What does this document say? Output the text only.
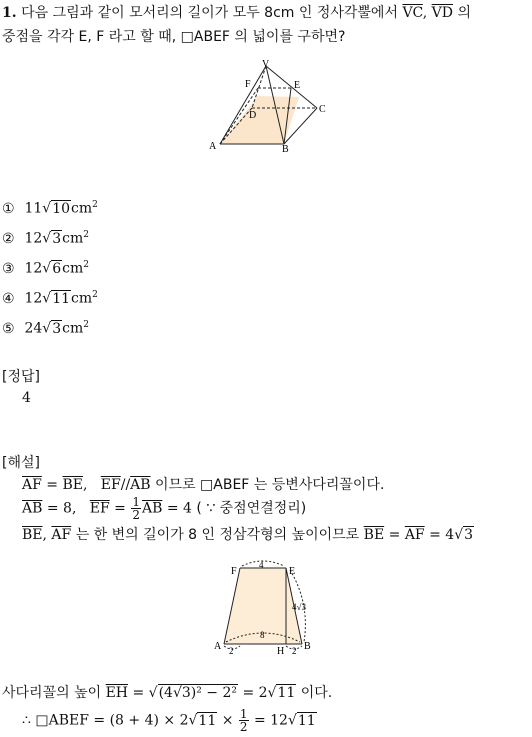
1. 다음 그림과 같이 모서리의 길이가 모두 8cm 인 정사각뿔에서 $\overline{VC}$, $\overline{VD}$ 의
중점을 각각 E, F 라고 할 때, □ABEF 의 넓이를 구하면?
V
F	E
D
C
A	B
① $11√10cm^2$
② $12√3cm^2$
③ $12√6cm^2$
④ $12√11cm^2$
⑤ $24√3cm^2$
[정답]
4
[해설]
$\overline{AF} = \overline{BE}$,   $\overline{EF}//\overline{AB}$ 이므로 □ABEF 는 등변사다리꼴이다.
$\overline{AB} = 8$, $\overline{EF} = \frac{1}{2} \overline{AB} = 4$ ( ∵ 중점연결정리)
$\overline{BE}$, $\overline{AF}$ 는 한 변의 길이가 8 인 정삼각형의 높이이므로 $\overline{BE} = \overline{AF} = 4√3$
F	E
4
4√3
8
A	B
H
2	2
사다리꼴의 높이 $\overline{EH} = √(4√3)^2 - 2^2 = 2√11$ 이다.
∴ □ABEF = $(8 + 4) \times 2√11 \times \frac{1}{2} = 12√11$
